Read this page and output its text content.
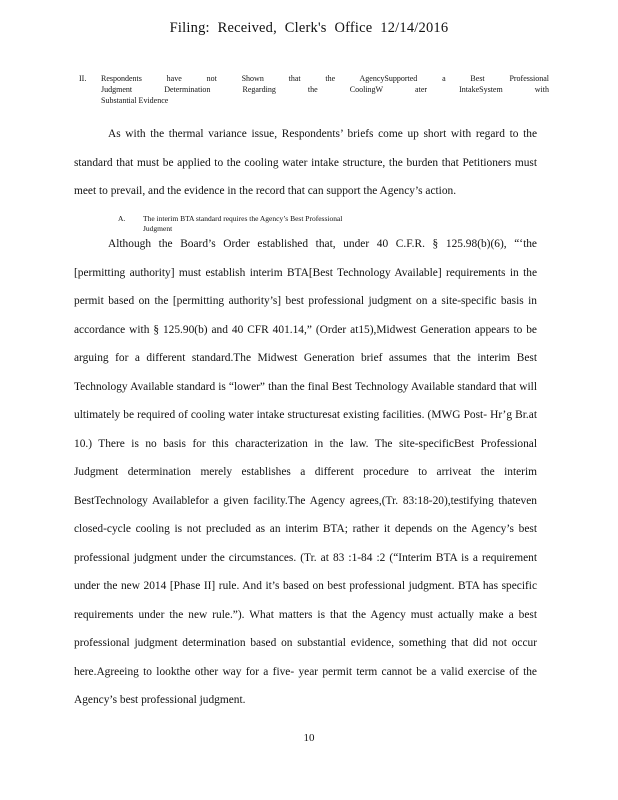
Filing: Received, Clerk's Office 12/14/2016
II. Respondents have not Shown that the AgencySupported a Best Professional
Judgment Determination Regarding the CoolingW ater IntakeSystem with
Substantial Evidence
As with the thermal variance issue, Respondents’ briefs come up short with regard to the standard that must be applied to the cooling water intake structure, the burden that Petitioners must meet to prevail, and the evidence in the record that can support the Agency’s action.
A. The interim BTA standard requires the Agency’s Best Professional
Judgment
Although the Board’s Order established that, under 40 C.F.R. § 125.98(b)(6), “‘the [permitting authority] must establish interim BTA[Best Technology Available] requirements in the permit based on the [permitting authority’s] best professional judgment on a site-specific basis in accordance with § 125.90(b) and 40 CFR 401.14,” (Order at15),Midwest Generation appears to be arguing for a different standard.The Midwest Generation brief assumes that the interim Best Technology Available standard is “lower” than the final Best Technology Available standard that will ultimately be required of cooling water intake structuresat existing facilities. (MWG Post- Hr’g Br.at 10.) There is no basis for this characterization in the law. The site-specificBest Professional Judgment determination merely establishes a different procedure to arriveat the interim BestTechnology Availablefor a given facility.The Agency agrees,(Tr. 83:18-20),testifying thateven closed-cycle cooling is not precluded as an interim BTA; rather it depends on the Agency’s best professional judgment under the circumstances. (Tr. at 83 :1-84 :2 (“Interim BTA is a requirement under the new 2014 [Phase II] rule. And it’s based on best professional judgment. BTA has specific requirements under the new rule.”). What matters is that the Agency must actually make a best professional judgment determination based on substantial evidence, something that did not occur here.Agreeing to lookthe other way for a five- year permit term cannot be a valid exercise of the Agency’s best professional judgment.
10
